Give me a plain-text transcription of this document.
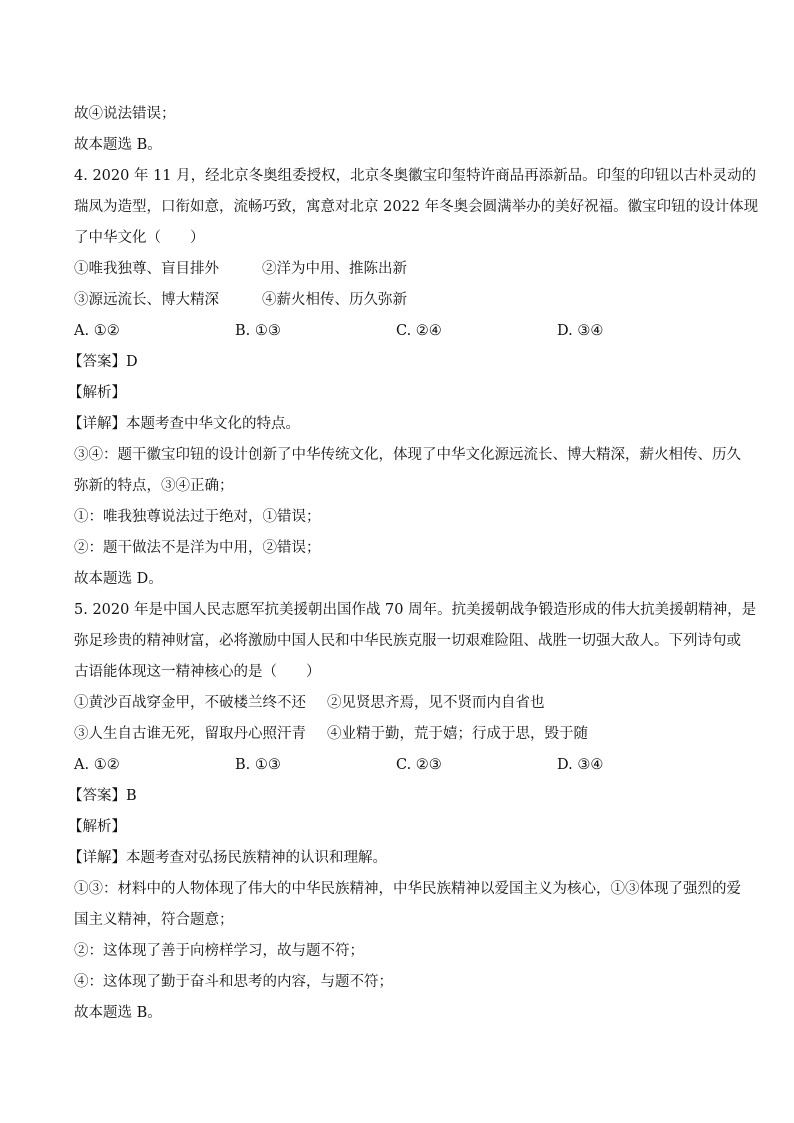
故④说法错误；
故本题选 B。
4. 2020 年 11 月，经北京冬奥组委授权，北京冬奥徽宝印玺特许商品再添新品。印玺的印钮以古朴灵动的
瑞凤为造型，口衔如意，流畅巧致，寓意对北京 2022 年冬奥会圆满举办的美好祝福。徽宝印钮的设计体现
了中华文化（　　）
①唯我独尊、盲目排外	②洋为中用、推陈出新
③源远流长、博大精深	④薪火相传、历久弥新
A. ①②	B. ①③	C. ②④	D. ③④
【答案】D
【解析】
【详解】本题考查中华文化的特点。
③④：题干徽宝印钮的设计创新了中华传统文化，体现了中华文化源远流长、博大精深，薪火相传、历久
弥新的特点，③④正确；
①：唯我独尊说法过于绝对，①错误；
②：题干做法不是洋为中用，②错误；
故本题选 D。
5. 2020 年是中国人民志愿军抗美援朝出国作战 70 周年。抗美援朝战争锻造形成的伟大抗美援朝精神，是
弥足珍贵的精神财富，必将激励中国人民和中华民族克服一切艰难险阻、战胜一切强大敌人。下列诗句或
古语能体现这一精神核心的是（　　）
①黄沙百战穿金甲，不破楼兰终不还 ②见贤思齐焉，见不贤而内自省也
③人生自古谁无死，留取丹心照汗青 ④业精于勤，荒于嬉；行成于思，毁于随
A. ①②	B. ①③	C. ②③	D. ③④
【答案】B
【解析】
【详解】本题考查对弘扬民族精神的认识和理解。
①③：材料中的人物体现了伟大的中华民族精神，中华民族精神以爱国主义为核心，①③体现了强烈的爱
国主义精神，符合题意；
②：这体现了善于向榜样学习，故与题不符；
④：这体现了勤于奋斗和思考的内容，与题不符；
故本题选 B。
